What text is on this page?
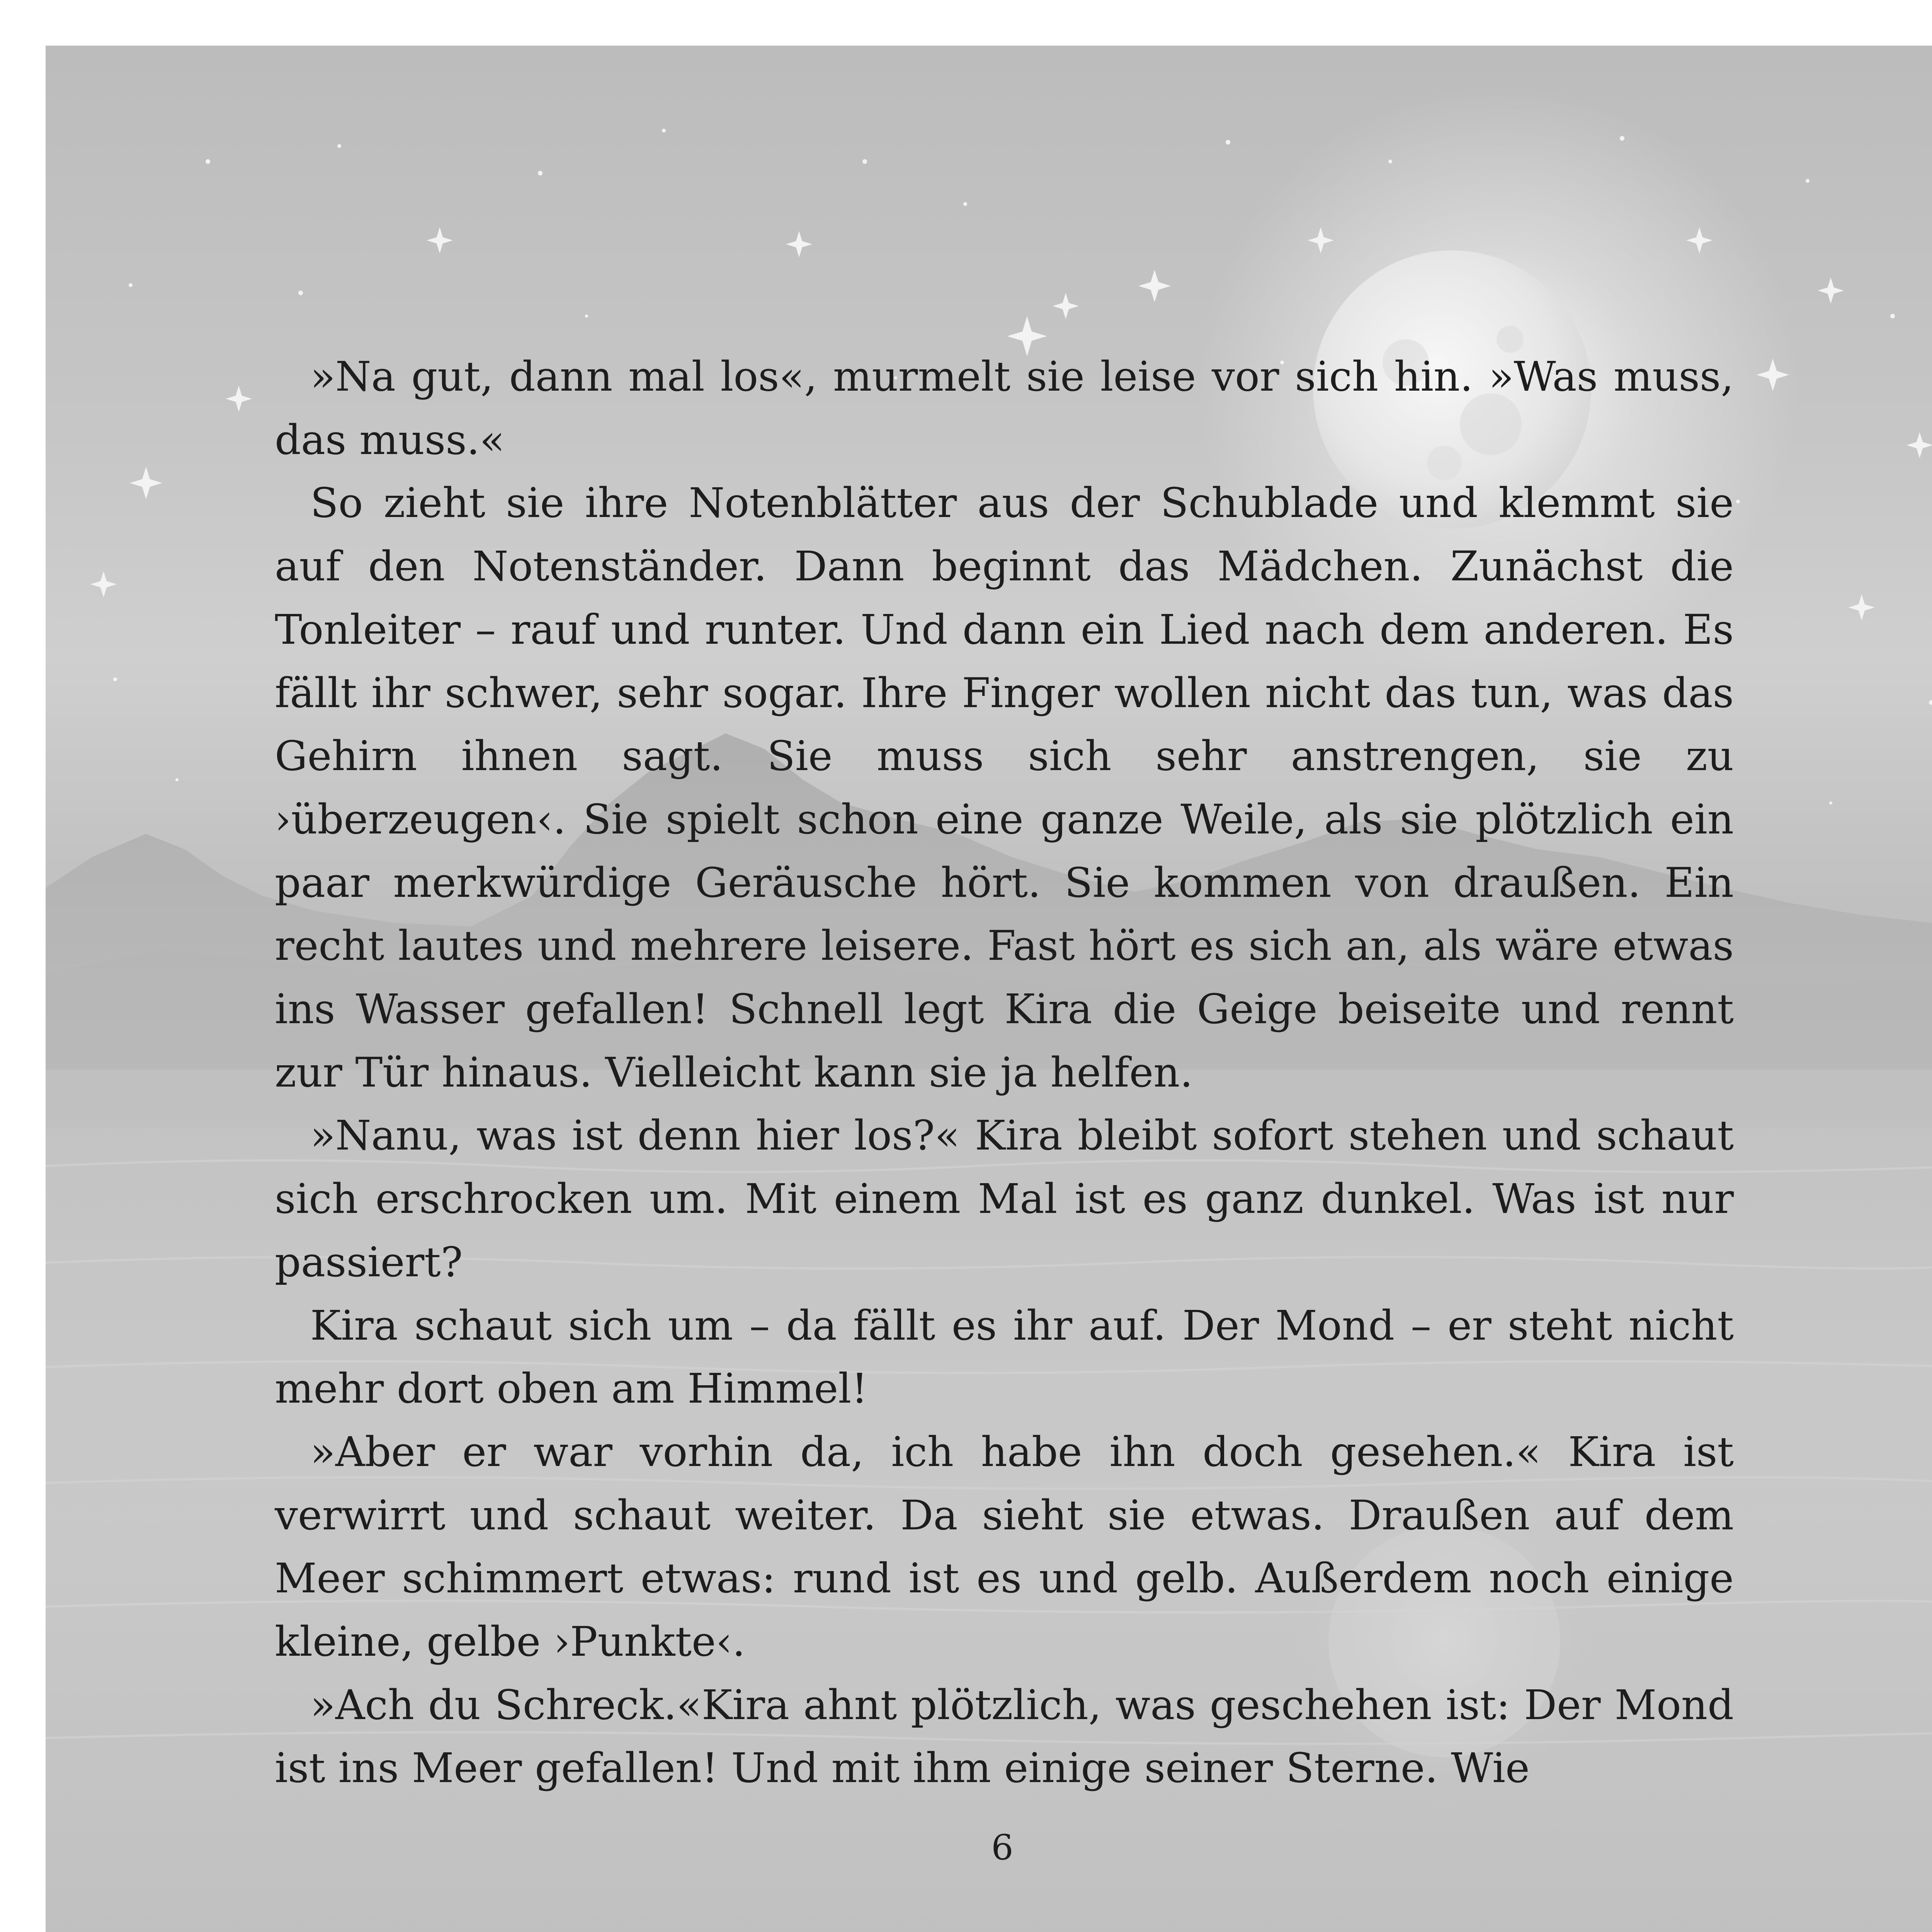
»Na gut, dann mal los«, murmelt sie leise vor sich hin. »Was muss, das muss.«

So zieht sie ihre Notenblätter aus der Schublade und klemmt sie auf den Notenständer. Dann beginnt das Mädchen. Zunächst die Tonleiter – rauf und runter. Und dann ein Lied nach dem anderen. Es fällt ihr schwer, sehr sogar. Ihre Finger wollen nicht das tun, was das Gehirn ihnen sagt. Sie muss sich sehr anstrengen, sie zu ›überzeugen‹. Sie spielt schon eine ganze Weile, als sie plötzlich ein paar merkwürdige Geräusche hört. Sie kommen von draußen. Ein recht lautes und mehrere leisere. Fast hört es sich an, als wäre etwas ins Wasser gefallen! Schnell legt Kira die Geige beiseite und rennt zur Tür hinaus. Vielleicht kann sie ja helfen.

»Nanu, was ist denn hier los?« Kira bleibt sofort stehen und schaut sich erschrocken um. Mit einem Mal ist es ganz dunkel. Was ist nur passiert?

Kira schaut sich um – da fällt es ihr auf. Der Mond – er steht nicht mehr dort oben am Himmel!

»Aber er war vorhin da, ich habe ihn doch gesehen.« Kira ist verwirrt und schaut weiter. Da sieht sie etwas. Draußen auf dem Meer schimmert etwas: rund ist es und gelb. Außerdem noch einige kleine, gelbe ›Punkte‹.

»Ach du Schreck.«Kira ahnt plötzlich, was geschehen ist: Der Mond ist ins Meer gefallen! Und mit ihm einige seiner Sterne. Wie

6
